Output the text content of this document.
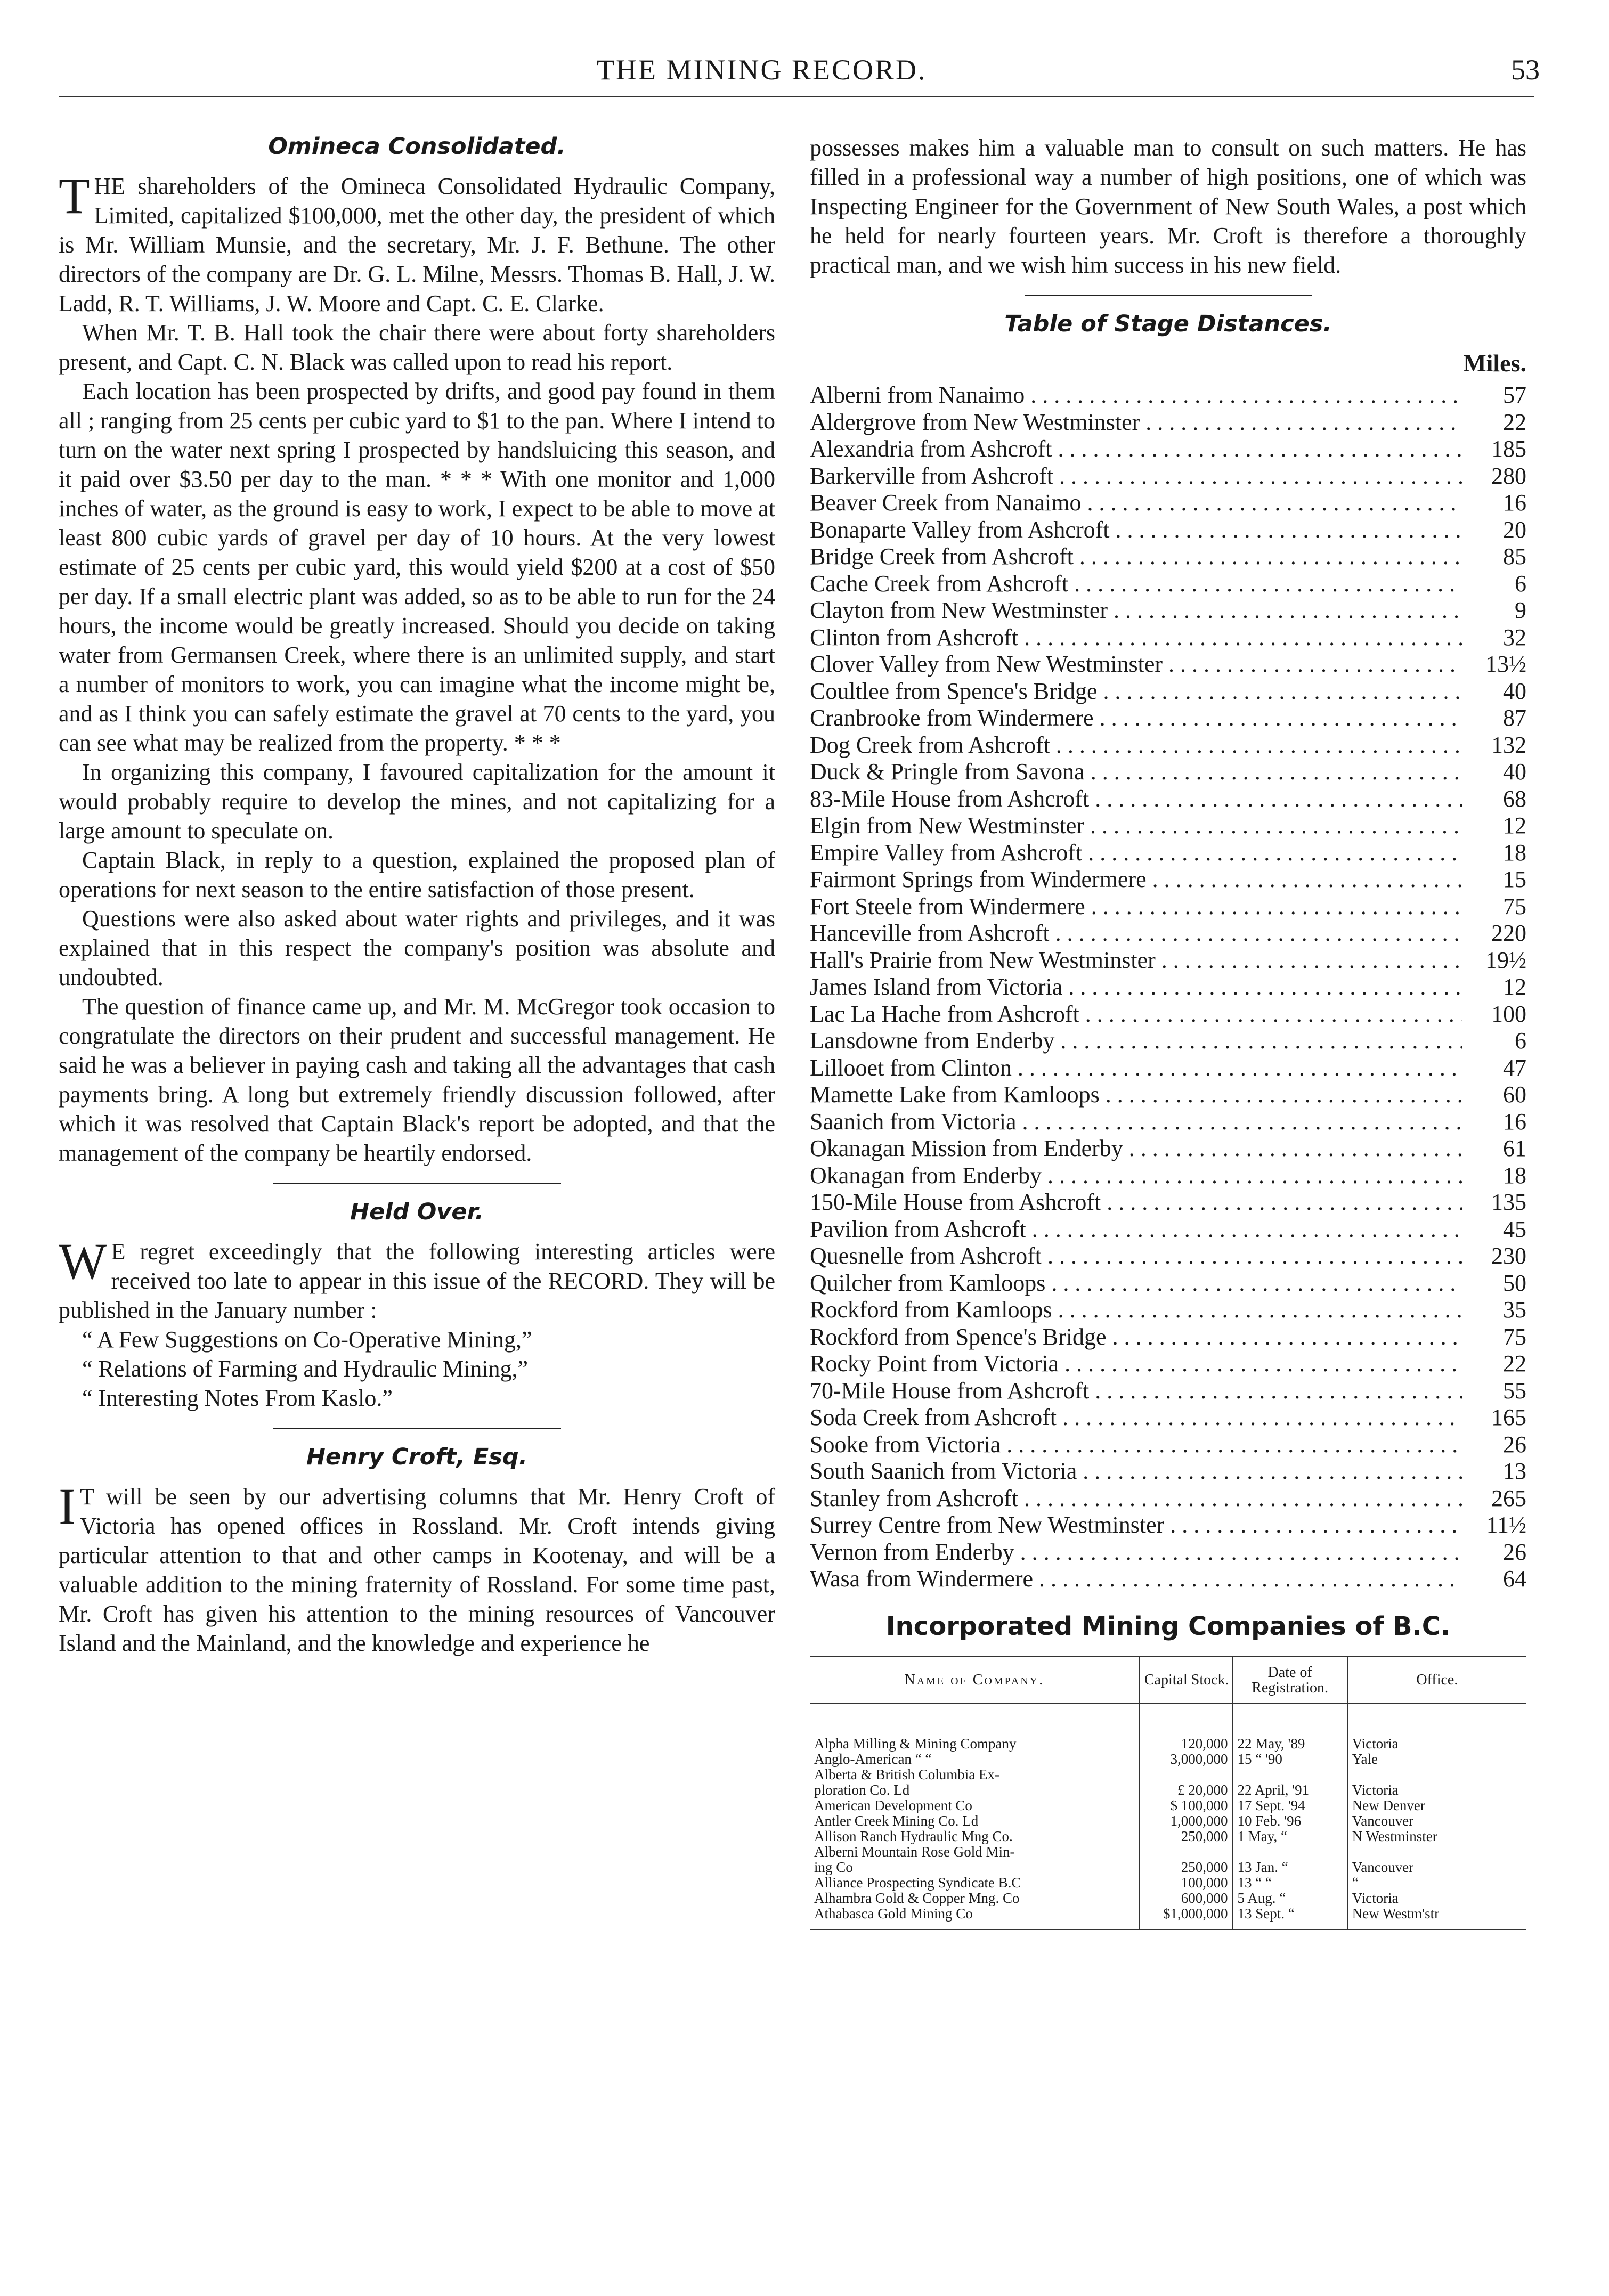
THE MINING RECORD.	53
Omineca Consolidated.

THE shareholders of the Omineca Consolidated Hydraulic Company, Limited, capitalized $100,000, met the other day, the president of which is Mr. William Munsie, and the secretary, Mr. J. F. Bethune. The other directors of the company are Dr. G. L. Milne, Messrs. Thomas B. Hall, J. W. Ladd, R. T. Williams, J. W. Moore and Capt. C. E. Clarke.

When Mr. T. B. Hall took the chair there were about forty shareholders present, and Capt. C. N. Black was called upon to read his report.

Each location has been prospected by drifts, and good pay found in them all ; ranging from 25 cents per cubic yard to $1 to the pan. Where I intend to turn on the water next spring I prospected by handsluicing this season, and it paid over $3.50 per day to the man. * * * With one monitor and 1,000 inches of water, as the ground is easy to work, I expect to be able to move at least 800 cubic yards of gravel per day of 10 hours. At the very lowest estimate of 25 cents per cubic yard, this would yield $200 at a cost of $50 per day. If a small electric plant was added, so as to be able to run for the 24 hours, the income would be greatly increased. Should you decide on taking water from Germansen Creek, where there is an unlimited supply, and start a number of monitors to work, you can imagine what the income might be, and as I think you can safely estimate the gravel at 70 cents to the yard, you can see what may be realized from the property. * * *

In organizing this company, I favoured capitalization for the amount it would probably require to develop the mines, and not capitalizing for a large amount to speculate on.

Captain Black, in reply to a question, explained the proposed plan of operations for next season to the entire satisfaction of those present.

Questions were also asked about water rights and privileges, and it was explained that in this respect the company's position was absolute and undoubted.

The question of finance came up, and Mr. M. McGregor took occasion to congratulate the directors on their prudent and successful management. He said he was a believer in paying cash and taking all the advantages that cash payments bring. A long but extremely friendly discussion followed, after which it was resolved that Captain Black's report be adopted, and that the management of the company be heartily endorsed.

Held Over.

WE regret exceedingly that the following interesting articles were received too late to appear in this issue of the RECORD. They will be published in the January number :

“ A Few Suggestions on Co-Operative Mining,”

“ Relations of Farming and Hydraulic Mining,”

“ Interesting Notes From Kaslo.”

Henry Croft, Esq.

IT will be seen by our advertising columns that Mr. Henry Croft of Victoria has opened offices in Rossland. Mr. Croft intends giving particular attention to that and other camps in Kootenay, and will be a valuable addition to the mining fraternity of Rossland. For some time past, Mr. Croft has given his attention to the mining resources of Vancouver Island and the Mainland, and the knowledge and experience he

possesses makes him a valuable man to consult on such matters. He has filled in a professional way a number of high positions, one of which was Inspecting Engineer for the Government of New South Wales, a post which he held for nearly fourteen years. Mr. Croft is therefore a thoroughly practical man, and we wish him success in his new field.

Table of Stage Distances.
Miles.
Alberni from Nanaimo . . .	57
Aldergrove from New Westminster . . .	22
Alexandria from Ashcroft . . .	185
Barkerville from Ashcroft . . .	280
Beaver Creek from Nanaimo . . .	16
Bonaparte Valley from Ashcroft . . .	20
Bridge Creek from Ashcroft . . .	85
Cache Creek from Ashcroft . . .	6
Clayton from New Westminster . . .	9
Clinton from Ashcroft . . .	32
Clover Valley from New Westminster . . .	13½
Coultlee from Spence's Bridge . . .	40
Cranbrooke from Windermere . . .	87
Dog Creek from Ashcroft . . .	132
Duck & Pringle from Savona . . .	40
83-Mile House from Ashcroft . . .	68
Elgin from New Westminster . . .	12
Empire Valley from Ashcroft . . .	18
Fairmont Springs from Windermere . . .	15
Fort Steele from Windermere . . .	75
Hanceville from Ashcroft . . .	220
Hall's Prairie from New Westminster . . .	19½
James Island from Victoria . . .	12
Lac La Hache from Ashcroft . . .	100
Lansdowne from Enderby . . .	6
Lillooet from Clinton . . .	47
Mamette Lake from Kamloops . . .	60
Saanich from Victoria . . .	16
Okanagan Mission from Enderby . . .	61
Okanagan from Enderby . . .	18
150-Mile House from Ashcroft . . .	135
Pavilion from Ashcroft . . .	45
Quesnelle from Ashcroft . . .	230
Quilcher from Kamloops . . .	50
Rockford from Kamloops . . .	35
Rockford from Spence's Bridge . . .	75
Rocky Point from Victoria . . .	22
70-Mile House from Ashcroft . . .	55
Soda Creek from Ashcroft . . .	165
Sooke from Victoria . . .	26
South Saanich from Victoria . . .	13
Stanley from Ashcroft . . .	265
Surrey Centre from New Westminster . . .	11½
Vernon from Enderby . . .	26
Wasa from Windermere . . .	64
Incorporated Mining Companies of B.C.
Name of Company.	Capital Stock.	Date of Registration.	Office.
Alpha Milling & Mining Company	120,000	22 May, '89	Victoria
Anglo-American “ “	3,000,000	15 “ '90	Yale
Alberta & British Columbia Ex-			
ploration Co. Ld	£ 20,000	22 April, '91	Victoria
American Development Co	$ 100,000	17 Sept. '94	New Denver
Antler Creek Mining Co. Ld	1,000,000	10 Feb. '96	Vancouver
Allison Ranch Hydraulic Mng Co.	250,000	1 May, “	N Westminster
Alberni Mountain Rose Gold Min-			
ing Co	250,000	13 Jan. “	Vancouver
Alliance Prospecting Syndicate B.C	100,000	13 “ “	“
Alhambra Gold & Copper Mng. Co	600,000	5 Aug. “	Victoria
Athabasca Gold Mining Co	$1,000,000	13 Sept. “	New Westm'str
